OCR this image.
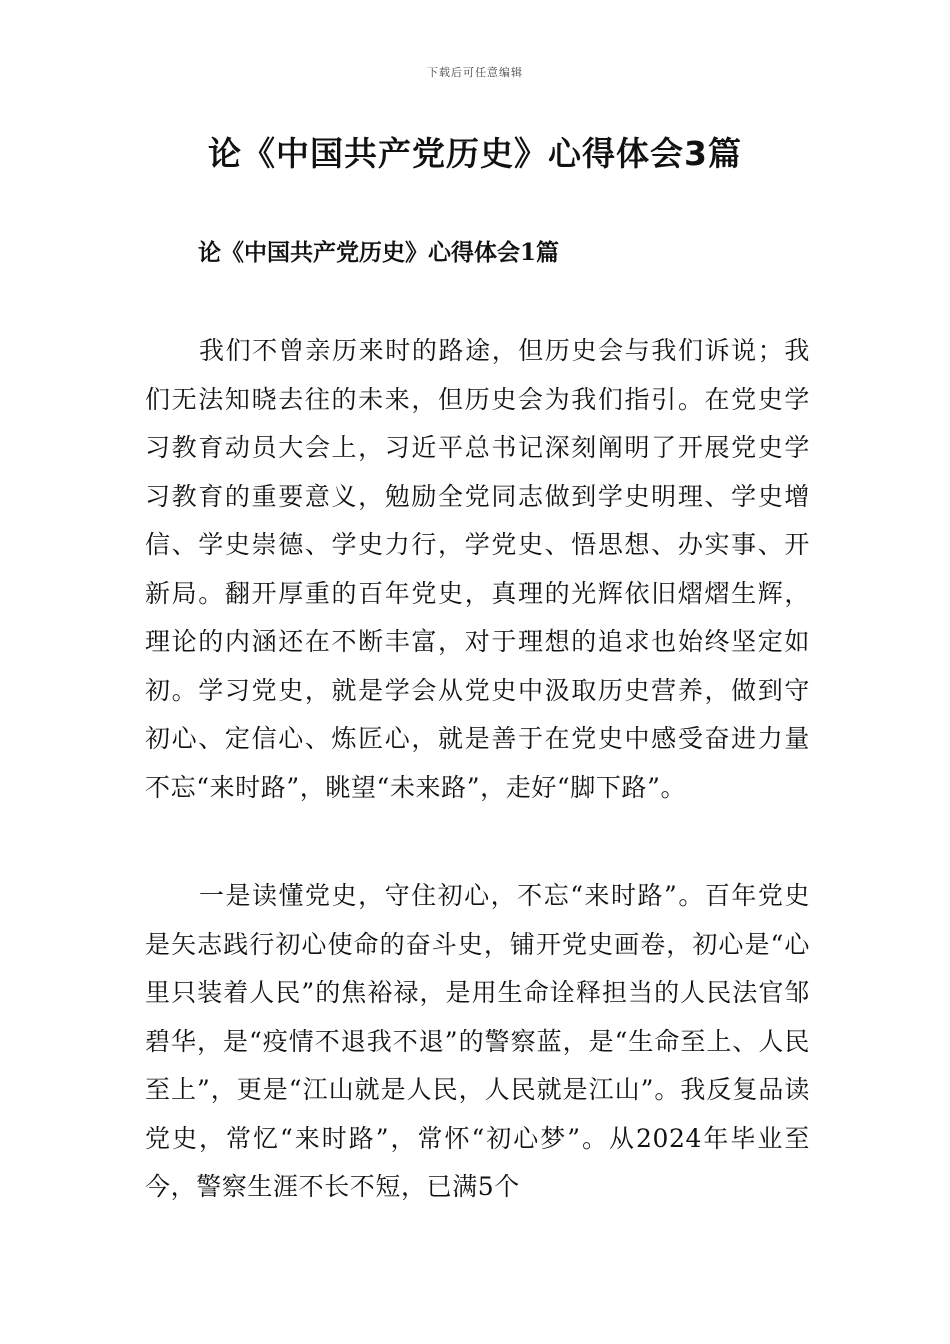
下载后可任意编辑
论《中国共产党历史》心得体会3篇
论《中国共产党历史》心得体会1篇

我们不曾亲历来时的路途，但历史会与我们诉说；我们无法知晓去往的未来，但历史会为我们指引。在党史学习教育动员大会上，习近平总书记深刻阐明了开展党史学习教育的重要意义，勉励全党同志做到学史明理、学史增信、学史崇德、学史力行，学党史、悟思想、办实事、开新局。翻开厚重的百年党史，真理的光辉依旧熠熠生辉，理论的内涵还在不断丰富，对于理想的追求也始终坚定如初。学习党史，就是学会从党史中汲取历史营养，做到守初心、定信心、炼匠心，就是善于在党史中感受奋进力量不忘“来时路”，眺望“未来路”，走好“脚下路”。

一是读懂党史，守住初心，不忘“来时路”。百年党史是矢志践行初心使命的奋斗史，铺开党史画卷，初心是“心里只装着人民”的焦裕禄，是用生命诠释担当的人民法官邹碧华，是“疫情不退我不退”的警察蓝，是“生命至上、人民至上”，更是“江山就是人民，人民就是江山”。我反复品读党史，常忆“来时路”，常怀“初心梦”。从2024年毕业至今，警察生涯不长不短，已满5个
